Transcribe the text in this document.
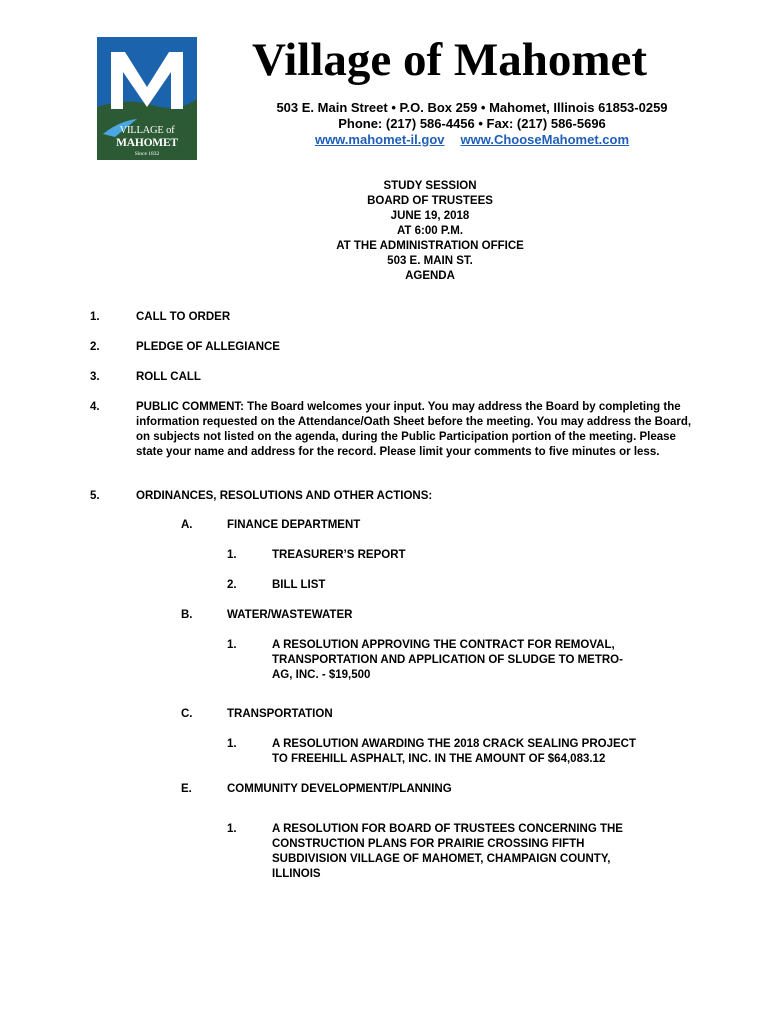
VILLAGE of
MAHOMET
Since 1832
Village of Mahomet
503 E. Main Street • P.O. Box 259 • Mahomet, Illinois 61853-0259
Phone: (217) 586-4456 • Fax: (217) 586-5696
www.mahomet-il.gov www.ChooseMahomet.com
STUDY SESSION
BOARD OF TRUSTEES
JUNE 19, 2018
AT 6:00 P.M.
AT THE ADMINISTRATION OFFICE
503 E. MAIN ST.
AGENDA
1.	CALL TO ORDER
2.	PLEDGE OF ALLEGIANCE
3.	ROLL CALL
4.	PUBLIC COMMENT: The Board welcomes your input. You may address the Board by completing the information requested on the Attendance/Oath Sheet before the meeting. You may address the Board, on subjects not listed on the agenda, during the Public Participation portion of the meeting. Please state your name and address for the record. Please limit your comments to five minutes or less.
5.	ORDINANCES, RESOLUTIONS AND OTHER ACTIONS:
A.	FINANCE DEPARTMENT
1.	TREASURER’S REPORT
2.	BILL LIST
B.	WATER/WASTEWATER
1.	A RESOLUTION APPROVING THE CONTRACT FOR REMOVAL,
TRANSPORTATION AND APPLICATION OF SLUDGE TO METRO-
AG, INC. - $19,500
C.	TRANSPORTATION
1.	A RESOLUTION AWARDING THE 2018 CRACK SEALING PROJECT
TO FREEHILL ASPHALT, INC. IN THE AMOUNT OF $64,083.12
E.	COMMUNITY DEVELOPMENT/PLANNING
1.	A RESOLUTION FOR BOARD OF TRUSTEES CONCERNING THE
CONSTRUCTION PLANS FOR PRAIRIE CROSSING FIFTH
SUBDIVISION VILLAGE OF MAHOMET, CHAMPAIGN COUNTY,
ILLINOIS
